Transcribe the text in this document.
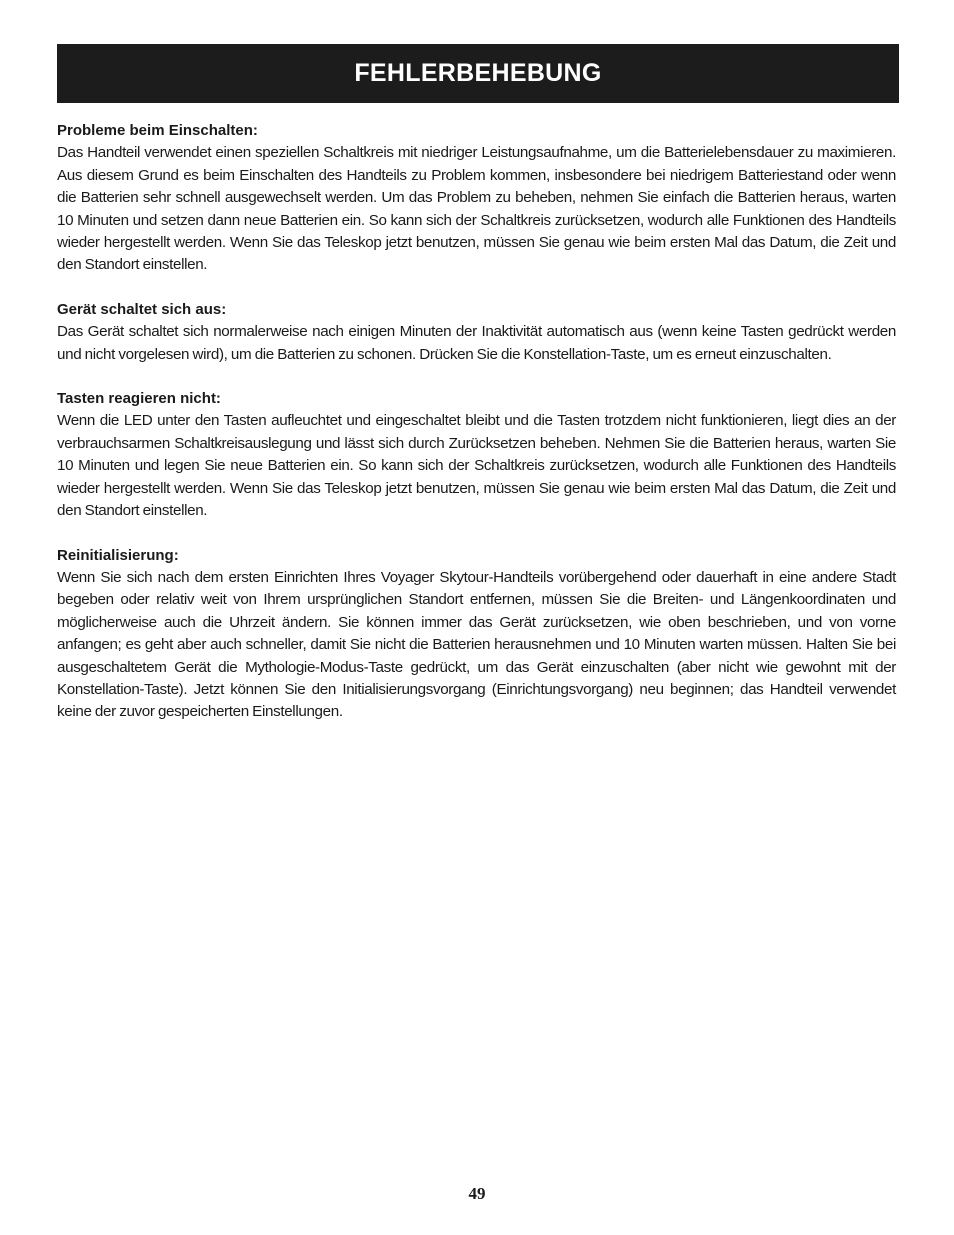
FEHLERBEHEBUNG
Probleme beim Einschalten:

Das Handteil verwendet einen speziellen Schaltkreis mit niedriger Leistungsaufnahme, um die Batterielebensdauer zu maximieren. Aus diesem Grund es beim Einschalten des Handteils zu Problem kommen, insbesondere bei niedrigem Batteriestand oder wenn die Batterien sehr schnell ausgewechselt werden. Um das Problem zu beheben, nehmen Sie einfach die Batterien heraus, warten 10 Minuten und setzen dann neue Batterien ein. So kann sich der Schaltkreis zurücksetzen, wodurch alle Funktionen des Handteils wieder hergestellt werden. Wenn Sie das Teleskop jetzt benutzen, müssen Sie genau wie beim ersten Mal das Datum, die Zeit und den Standort einstellen.

Gerät schaltet sich aus:

Das Gerät schaltet sich normalerweise nach einigen Minuten der Inaktivität automatisch aus (wenn keine Tasten gedrückt werden und nicht vorgelesen wird), um die Batterien zu schonen. Drücken Sie die Konstellation-Taste, um es erneut einzuschalten.

Tasten reagieren nicht:

Wenn die LED unter den Tasten aufleuchtet und eingeschaltet bleibt und die Tasten trotzdem nicht funktionieren, liegt dies an der verbrauchsarmen Schaltkreisauslegung und lässt sich durch Zurücksetzen beheben. Nehmen Sie die Batterien heraus, warten Sie 10 Minuten und legen Sie neue Batterien ein. So kann sich der Schaltkreis zurücksetzen, wodurch alle Funktionen des Handteils wieder hergestellt werden. Wenn Sie das Teleskop jetzt benutzen, müssen Sie genau wie beim ersten Mal das Datum, die Zeit und den Standort einstellen.

Reinitialisierung:

Wenn Sie sich nach dem ersten Einrichten Ihres Voyager Skytour-Handteils vorübergehend oder dauerhaft in eine andere Stadt begeben oder relativ weit von Ihrem ursprünglichen Standort entfernen, müssen Sie die Breiten- und Längenkoordinaten und möglicherweise auch die Uhrzeit ändern. Sie können immer das Gerät zurücksetzen, wie oben beschrieben, und von vorne anfangen; es geht aber auch schneller, damit Sie nicht die Batterien herausnehmen und 10 Minuten warten müssen. Halten Sie bei ausgeschaltetem Gerät die Mythologie-Modus-Taste gedrückt, um das Gerät einzuschalten (aber nicht wie gewohnt mit der Konstellation-Taste). Jetzt können Sie den Initialisierungsvorgang (Einrichtungsvorgang) neu beginnen; das Handteil verwendet keine der zuvor gespeicherten Einstellungen.

49
